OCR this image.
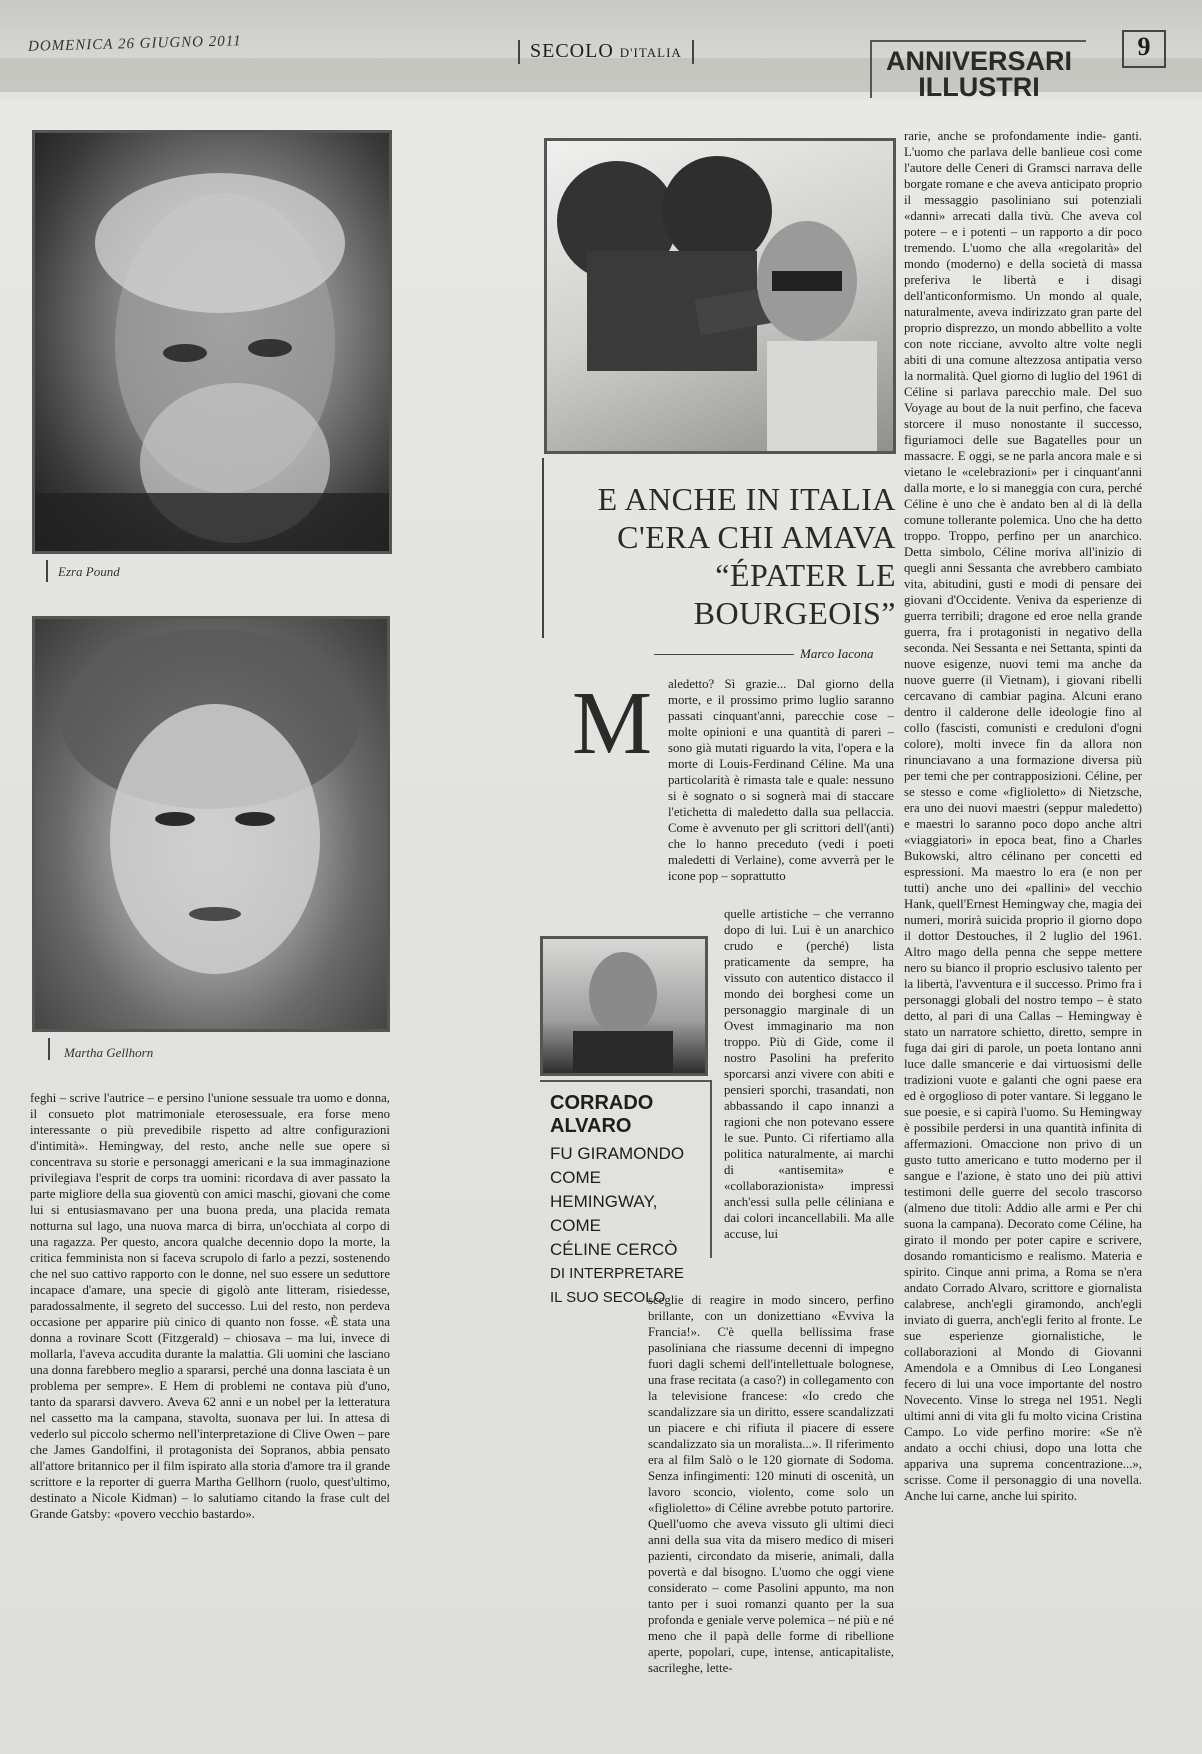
DOMENICA 26 GIUGNO 2011	SECOLO D'ITALIA	ANNIVERSARI
ILLUSTRI
9
Ezra Pound
Martha Gellhorn

feghi – scrive l'autrice – e persino l'unione sessuale tra uomo e donna, il consueto plot matrimoniale eterosessuale, era forse meno interessante o più prevedibile rispetto ad altre configurazioni d'intimità». Hemingway, del resto, anche nelle sue opere si concentrava su storie e personaggi americani e la sua immaginazione privilegiava l'esprit de corps tra uomini: ricordava di aver passato la parte migliore della sua gioventù con amici maschi, giovani che come lui si entusiasmavano per una buona preda, una placida remata notturna sul lago, una nuova marca di birra, un'occhiata al corpo di una ragazza. Per questo, ancora qualche decennio dopo la morte, la critica femminista non si faceva scrupolo di farlo a pezzi, sostenendo che nel suo cattivo rapporto con le donne, nel suo essere un seduttore incapace d'amare, una specie di gigolò ante litteram, risiedesse, paradossalmente, il segreto del successo. Lui del resto, non perdeva occasione per apparire più cinico di quanto non fosse. «È stata una donna a rovinare Scott (Fitzgerald) – chiosava – ma lui, invece di mollarla, l'aveva accudita durante la malattia. Gli uomini che lasciano una donna farebbero meglio a spararsi, perché una donna lasciata è un problema per sempre». E Hem di problemi ne contava più d'uno, tanto da spararsi davvero. Aveva 62 anni e un nobel per la letteratura nel cassetto ma la campana, stavolta, suonava per lui. In attesa di vederlo sul piccolo schermo nell'interpretazione di Clive Owen – pare che James Gandolfini, il protagonista dei Sopranos, abbia pensato all'attore britannico per il film ispirato alla storia d'amore tra il grande scrittore e la reporter di guerra Martha Gellhorn (ruolo, quest'ultimo, destinato a Nicole Kidman) – lo salutiamo citando la frase cult del Grande Gatsby: «povero vecchio bastardo».

E ANCHE IN ITALIA
C'ERA CHI AMAVA
“ÉPATER LE BOURGEOIS”
Marco Iacona
M aledetto? Sì grazie... Dal giorno della morte, e il prossimo primo luglio saranno passati cinquant'anni, parecchie cose – molte opinioni e una quantità di pareri – sono già mutati riguardo la vita, l'opera e la morte di Louis-Ferdinand Céline. Ma una particolarità è rimasta tale e quale: nessuno si è sognato o si sognerà mai di staccare l'etichetta di maledetto dalla sua pellaccia. Come è avvenuto per gli scrittori dell'(anti) che lo hanno preceduto (vedi i poeti maledetti di Verlaine), come avverrà per le icone pop – soprattutto

quelle artistiche – che verranno dopo di lui. Lui è un anarchico crudo e (perché) lista praticamente da sempre, ha vissuto con autentico distacco il mondo dei borghesi come un personaggio marginale di un Ovest immaginario ma non troppo. Più di Gide, come il nostro Pasolini ha preferito sporcarsi anzi vivere con abiti e pensieri sporchi, trasandati, non abbassando il capo innanzi a ragioni che non potevano essere le sue. Punto. Ci rifertiamo alla politica naturalmente, ai marchi di «antisemita» e «collaborazionista» impressi anch'essi sulla pelle céliniana e dai colori incancellabili. Ma alle accuse, lui

CORRADO ALVARO
FU GIRAMONDO COME
HEMINGWAY, COME
CÉLINE CERCÒ
DI INTERPRETARE
IL SUO SECOLO

sceglie di reagire in modo sincero, perfino brillante, con un donizettiano «Evviva la Francia!». C'è quella bellissima frase pasoliniana che riassume decenni di impegno fuori dagli schemi dell'intellettuale bolognese, una frase recitata (a caso?) in collegamento con la televisione francese: «Io credo che scandalizzare sia un diritto, essere scandalizzati un piacere e chi rifiuta il piacere di essere scandalizzato sia un moralista...». Il riferimento era al film Salò o le 120 giornate di Sodoma. Senza infingimenti: 120 minuti di oscenità, un lavoro sconcio, violento, come solo un «figlioletto» di Céline avrebbe potuto partorire. Quell'uomo che aveva vissuto gli ultimi dieci anni della sua vita da misero medico di miseri pazienti, circondato da miserie, animali, dalla povertà e dal bisogno. L'uomo che oggi viene considerato – come Pasolini appunto, ma non tanto per i suoi romanzi quanto per la sua profonda e geniale verve polemica – né più e né meno che il papà delle forme di ribellione aperte, popolari, cupe, intense, anticapitaliste, sacrileghe, lette-

rarie, anche se profondamente indie- ganti. L'uomo che parlava delle banlieue così come l'autore delle Ceneri di Gramsci narrava delle borgate romane e che aveva anticipato proprio il messaggio pasoliniano sui potenziali «danni» arrecati dalla tivù. Che aveva col potere – e i potenti – un rapporto a dir poco tremendo. L'uomo che alla «regolarità» del mondo (moderno) e della società di massa preferiva le libertà e i disagi dell'anticonformismo. Un mondo al quale, naturalmente, aveva indirizzato gran parte del proprio disprezzo, un mondo abbellito a volte con note ricciane, avvolto altre volte negli abiti di una comune altezzosa antipatia verso la normalità. Quel giorno di luglio del 1961 di Céline si parlava parecchio male. Del suo Voyage au bout de la nuit perfino, che faceva storcere il muso nonostante il successo, figuriamoci delle sue Bagatelles pour un massacre. E oggi, se ne parla ancora male e si vietano le «celebrazioni» per i cinquant'anni dalla morte, e lo si maneggia con cura, perché Céline è uno che è andato ben al di là della comune tollerante polemica. Uno che ha detto troppo. Troppo, perfino per un anarchico. Detta simbolo, Céline moriva all'inizio di quegli anni Sessanta che avrebbero cambiato vita, abitudini, gusti e modi di pensare dei giovani d'Occidente. Veniva da esperienze di guerra terribili; dragone ed eroe nella grande guerra, fra i protagonisti in negativo della seconda. Nei Sessanta e nei Settanta, spinti da nuove esigenze, nuovi temi ma anche da nuove guerre (il Vietnam), i giovani ribelli cercavano di cambiar pagina. Alcuni erano dentro il calderone delle ideologie fino al collo (fascisti, comunisti e creduloni d'ogni colore), molti invece fin da allora non rinunciavano a una formazione diversa più per temi che per contrapposizioni. Céline, per se stesso e come «figlioletto» di Nietzsche, era uno dei nuovi maestri (seppur maledetto) e maestri lo saranno poco dopo anche altri «viaggiatori» in epoca beat, fino a Charles Bukowski, altro célinano per concetti ed espressioni. Ma maestro lo era (e non per tutti) anche uno dei «pallini» del vecchio Hank, quell'Ernest Hemingway che, magia dei numeri, morirà suicida proprio il giorno dopo il dottor Destouches, il 2 luglio del 1961. Altro mago della penna che seppe mettere nero su bianco il proprio esclusivo talento per la libertà, l'avventura e il successo. Primo fra i personaggi globali del nostro tempo – è stato detto, al pari di una Callas – Hemingway è stato un narratore schietto, diretto, sempre in fuga dai giri di parole, un poeta lontano anni luce dalle smancerie e dai virtuosismi delle tradizioni vuote e galanti che ogni paese era ed è orgoglioso di poter vantare. Si leggano le sue poesie, e si capirà l'uomo. Su Hemingway è possibile perdersi in una quantità infinita di affermazioni. Omaccione non privo di un gusto tutto americano e tutto moderno per il sangue e l'azione, è stato uno dei più attivi testimoni delle guerre del secolo trascorso (almeno due titoli: Addio alle armi e Per chi suona la campana). Decorato come Céline, ha girato il mondo per poter capire e scrivere, dosando romanticismo e realismo. Materia e spirito. Cinque anni prima, a Roma se n'era andato Corrado Alvaro, scrittore e giornalista calabrese, anch'egli giramondo, anch'egli inviato di guerra, anch'egli ferito al fronte. Le sue esperienze giornalistiche, le collaborazioni al Mondo di Giovanni Amendola e a Omnibus di Leo Longanesi fecero di lui una voce importante del nostro Novecento. Vinse lo strega nel 1951. Negli ultimi anni di vita gli fu molto vicina Cristina Campo. Lo vide perfino morire: «Se n'è andato a occhi chiusi, dopo una lotta che appariva una suprema concentrazione...», scrisse. Come il personaggio di una novella. Anche lui carne, anche lui spirito.
